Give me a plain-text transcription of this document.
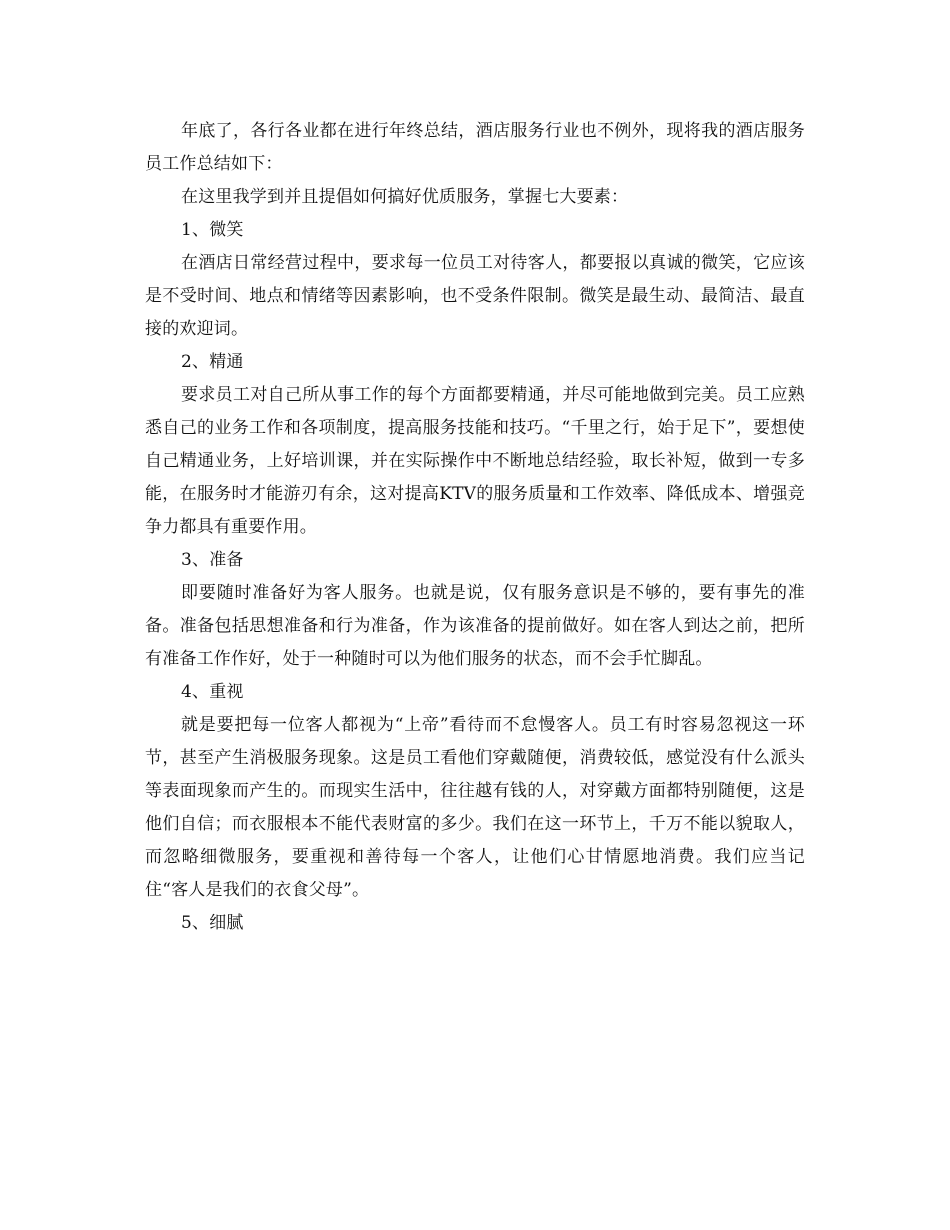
年底了，各行各业都在进行年终总结，酒店服务行业也不例外，现将我的酒店服务员工作总结如下：

在这里我学到并且提倡如何搞好优质服务，掌握七大要素：

1、微笑

在酒店日常经营过程中，要求每一位员工对待客人，都要报以真诚的微笑，它应该是不受时间、地点和情绪等因素影响，也不受条件限制。微笑是最生动、最简洁、最直接的欢迎词。

2、精通

要求员工对自己所从事工作的每个方面都要精通，并尽可能地做到完美。员工应熟悉自己的业务工作和各项制度，提高服务技能和技巧。“千里之行，始于足下”，要想使自己精通业务，上好培训课，并在实际操作中不断地总结经验，取长补短，做到一专多能，在服务时才能游刃有余，这对提高KTV的服务质量和工作效率、降低成本、增强竞争力都具有重要作用。

3、准备

即要随时准备好为客人服务。也就是说，仅有服务意识是不够的，要有事先的准备。准备包括思想准备和行为准备，作为该准备的提前做好。如在客人到达之前，把所有准备工作作好，处于一种随时可以为他们服务的状态，而不会手忙脚乱。

4、重视

就是要把每一位客人都视为“上帝”看待而不怠慢客人。员工有时容易忽视这一环节，甚至产生消极服务现象。这是员工看他们穿戴随便，消费较低，感觉没有什么派头等表面现象而产生的。而现实生活中，往往越有钱的人，对穿戴方面都特别随便，这是他们自信；而衣服根本不能代表财富的多少。我们在这一环节上，千万不能以貌取人，而忽略细微服务，要重视和善待每一个客人，让他们心甘情愿地消费。我们应当记住“客人是我们的衣食父母”。

5、细腻
